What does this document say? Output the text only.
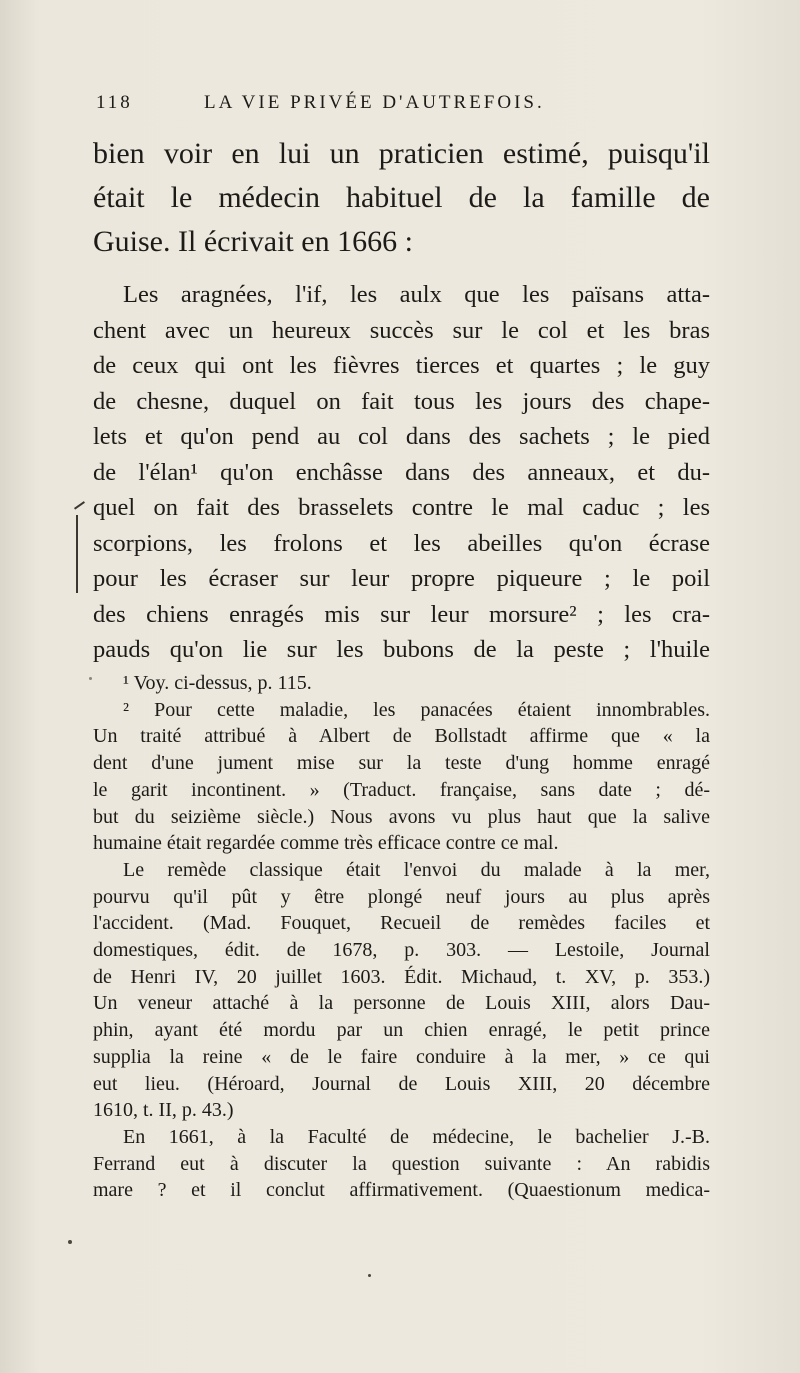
118	LA VIE PRIVÉE D'AUTREFOIS.
bien voir en lui un praticien estimé, puisqu'il
était le médecin habituel de la famille de
Guise. Il écrivait en 1666 :
Les aragnées, l'if, les aulx que les païsans atta-
chent avec un heureux succès sur le col et les bras
de ceux qui ont les fièvres tierces et quartes ; le guy
de chesne, duquel on fait tous les jours des chape-
lets et qu'on pend au col dans des sachets ; le pied
de l'élan¹ qu'on enchâsse dans des anneaux, et du-
quel on fait des brasselets contre le mal caduc ; les
scorpions, les frolons et les abeilles qu'on écrase
pour les écraser sur leur propre piqueure ; le poil
des chiens enragés mis sur leur morsure² ; les cra-
pauds qu'on lie sur les bubons de la peste ; l'huile
¹ Voy. ci-dessus, p. 115.
² Pour cette maladie, les panacées étaient innombrables.
Un traité attribué à Albert de Bollstadt affirme que « la
dent d'une jument mise sur la teste d'ung homme enragé
le garit incontinent. » (Traduct. française, sans date ; dé-
but du seizième siècle.) Nous avons vu plus haut que la salive
humaine était regardée comme très efficace contre ce mal.
Le remède classique était l'envoi du malade à la mer,
pourvu qu'il pût y être plongé neuf jours au plus après
l'accident. (Mad. Fouquet, Recueil de remèdes faciles et
domestiques, édit. de 1678, p. 303. — Lestoile, Journal
de Henri IV, 20 juillet 1603. Édit. Michaud, t. XV, p. 353.)
Un veneur attaché à la personne de Louis XIII, alors Dau-
phin, ayant été mordu par un chien enragé, le petit prince
supplia la reine « de le faire conduire à la mer, » ce qui
eut lieu. (Héroard, Journal de Louis XIII, 20 décembre
1610, t. II, p. 43.)
En 1661, à la Faculté de médecine, le bachelier J.-B.
Ferrand eut à discuter la question suivante : An rabidis
mare ? et il conclut affirmativement. (Quaestionum medica-
